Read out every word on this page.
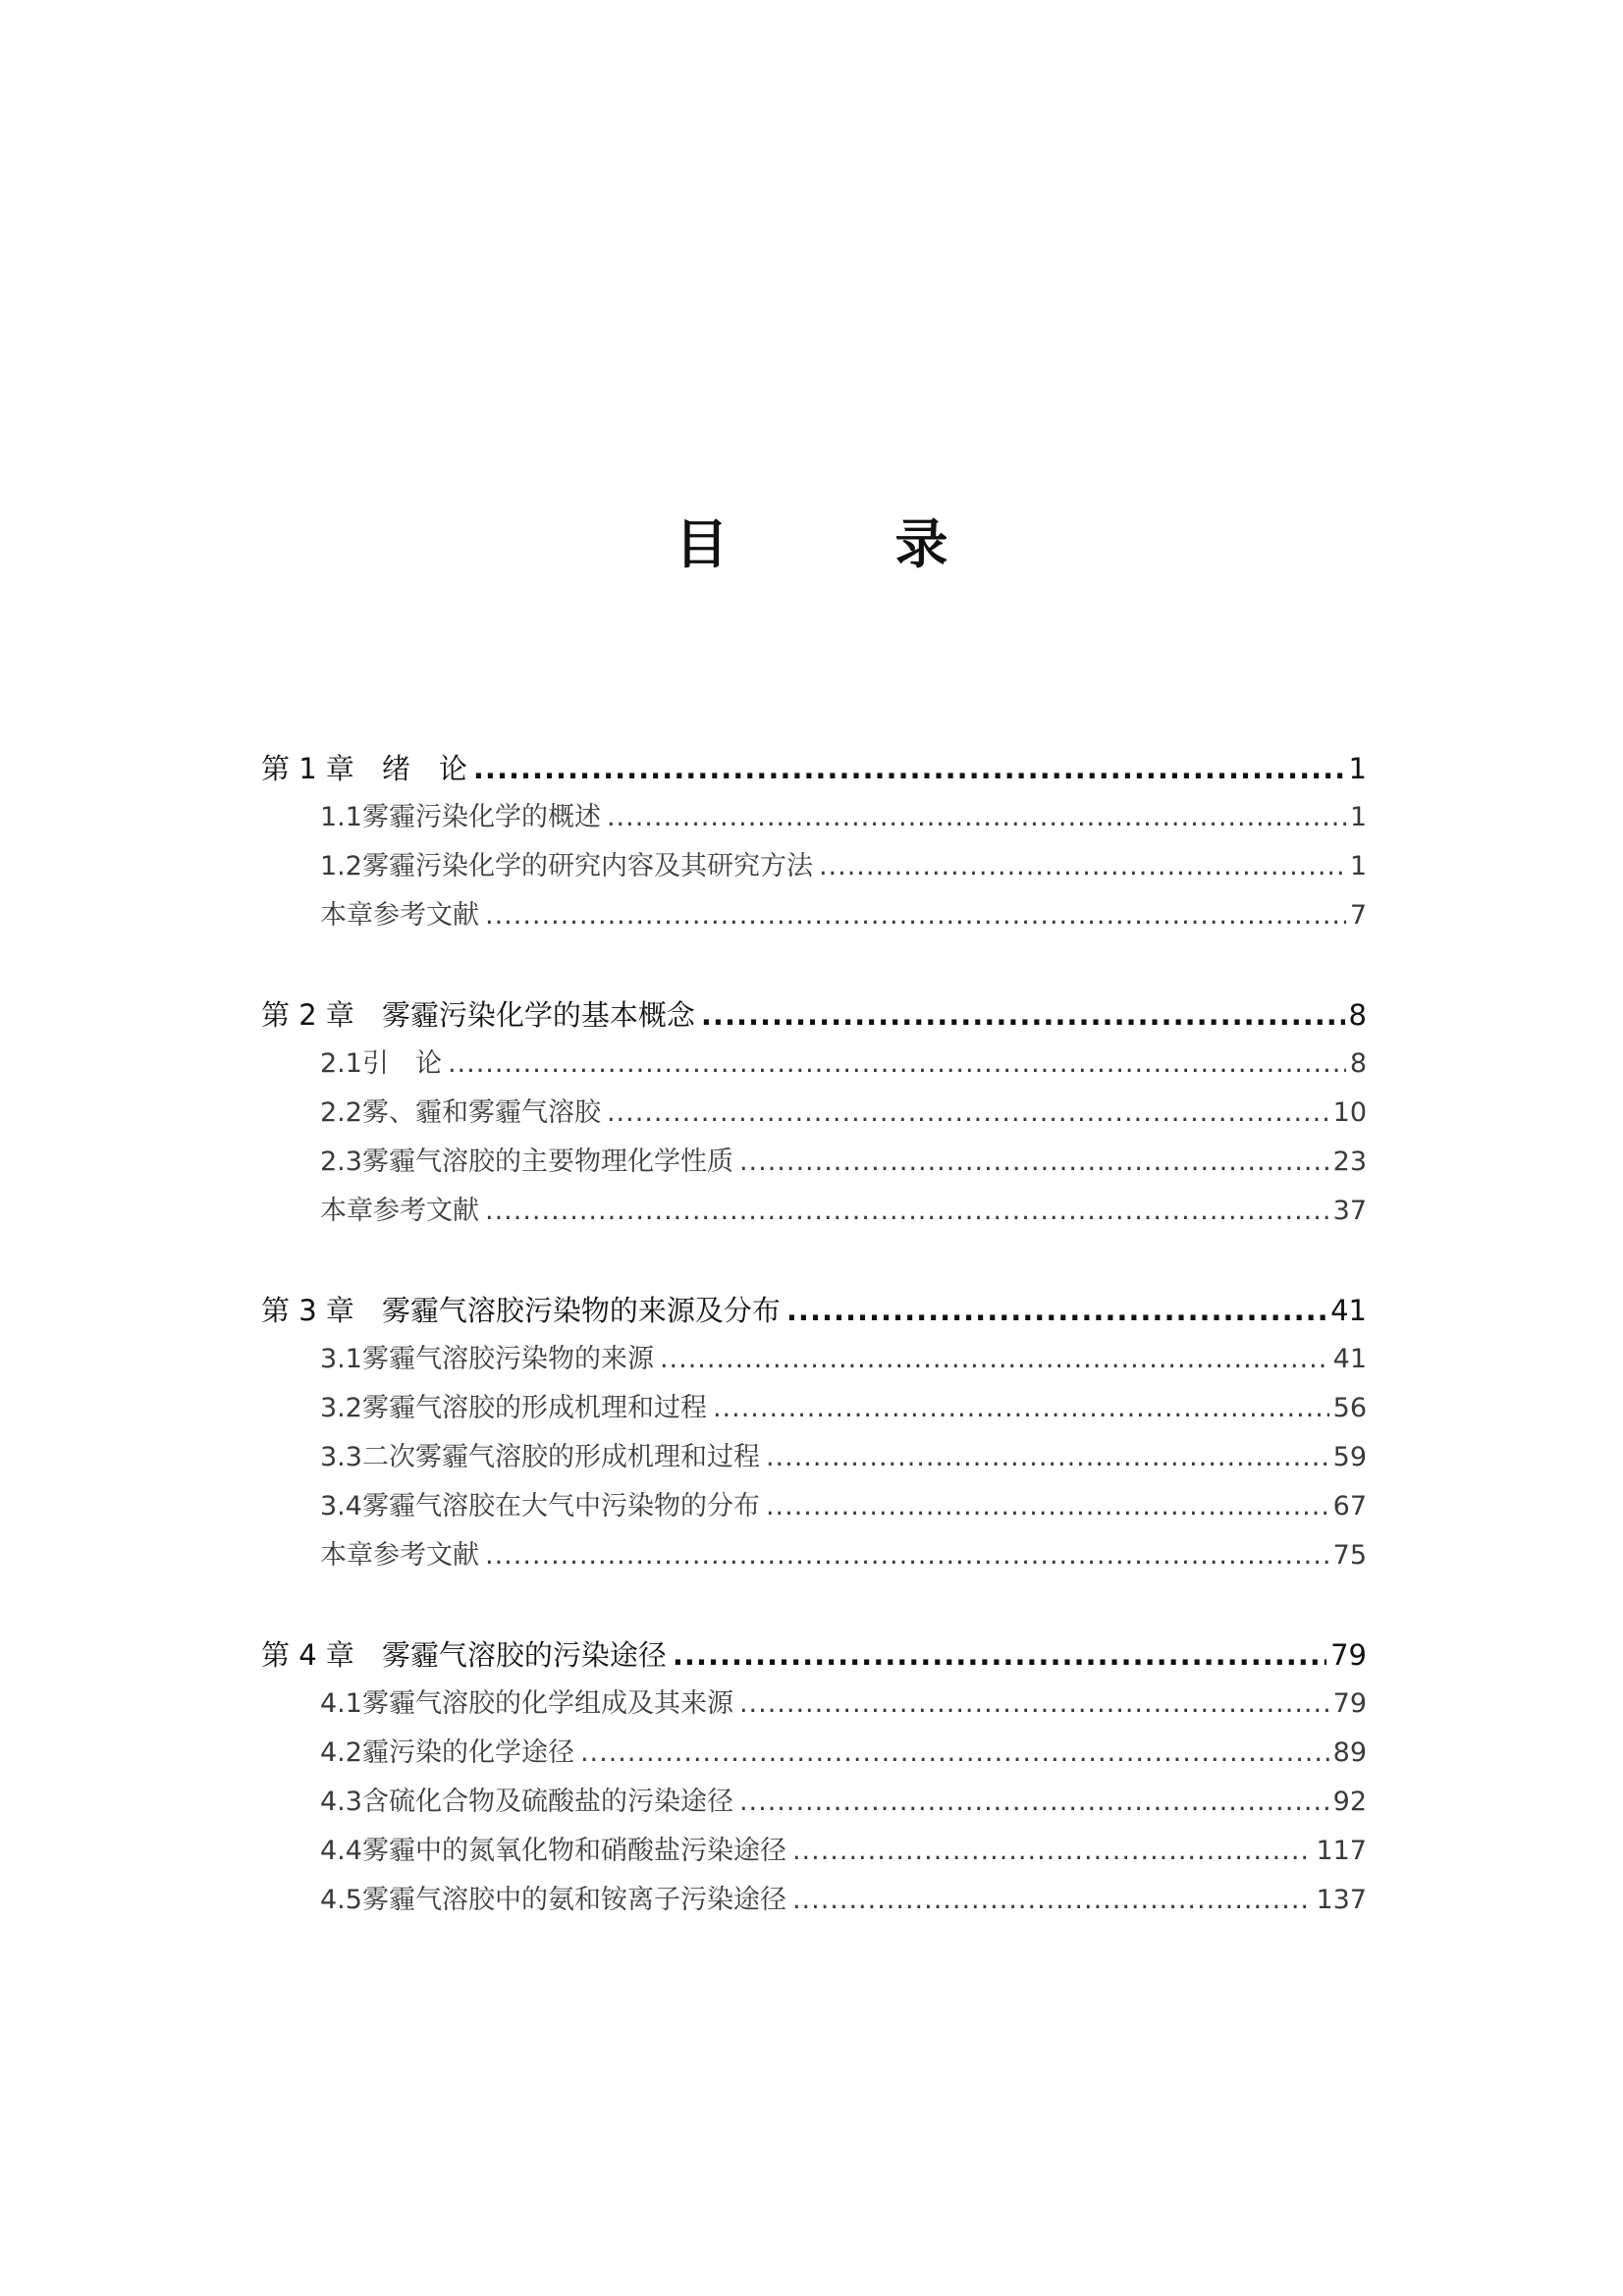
目　录
第 1 章 绪　论 .....	1
1.1 雾霾污染化学的概述 .....	1
1.2 雾霾污染化学的研究内容及其研究方法 .....	1
本章参考文献 .....	7
第 2 章 雾霾污染化学的基本概念 .....	8
2.1 引　论 .....	8
2.2 雾、霾和雾霾气溶胶 .....	10
2.3 雾霾气溶胶的主要物理化学性质 .....	23
本章参考文献 .....	37
第 3 章 雾霾气溶胶污染物的来源及分布 .....	41
3.1 雾霾气溶胶污染物的来源 .....	41
3.2 雾霾气溶胶的形成机理和过程 .....	56
3.3 二次雾霾气溶胶的形成机理和过程 .....	59
3.4 雾霾气溶胶在大气中污染物的分布 .....	67
本章参考文献 .....	75
第 4 章 雾霾气溶胶的污染途径 .....	79
4.1 雾霾气溶胶的化学组成及其来源 .....	79
4.2 霾污染的化学途径 .....	89
4.3 含硫化合物及硫酸盐的污染途径 .....	92
4.4 雾霾中的氮氧化物和硝酸盐污染途径 .....	117
4.5 雾霾气溶胶中的氨和铵离子污染途径 .....	137
